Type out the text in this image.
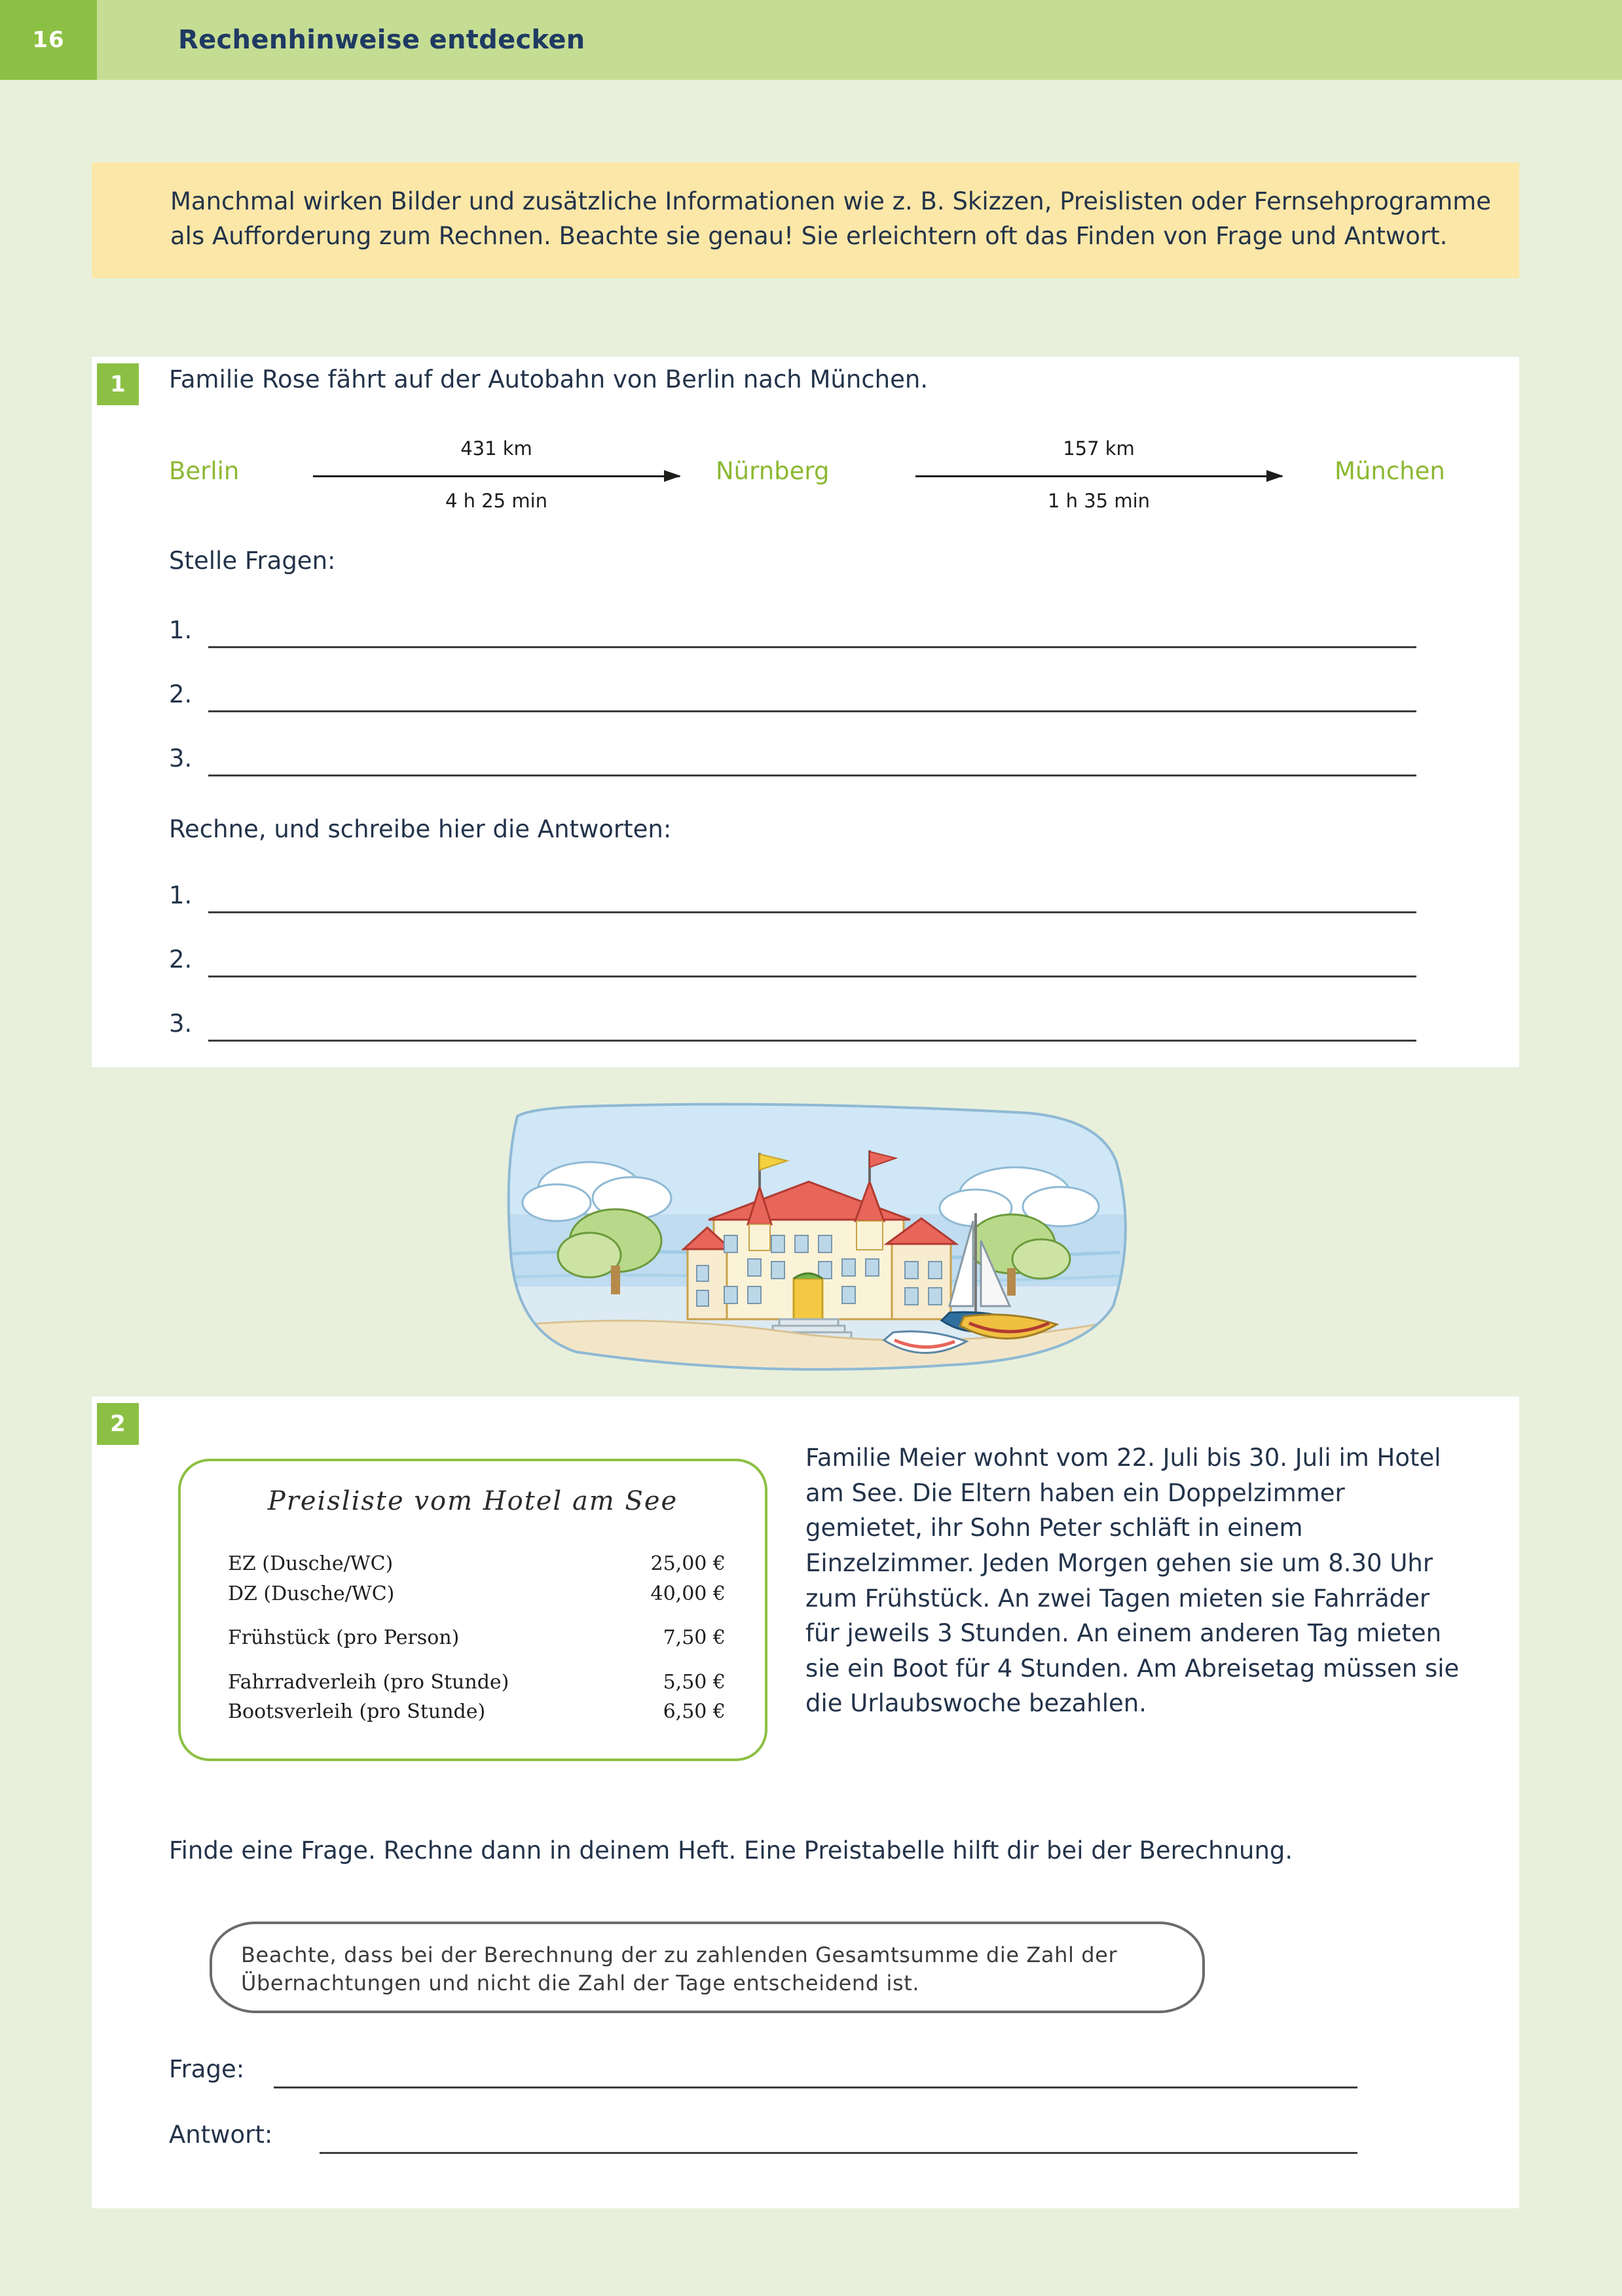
16	Rechenhinweise entdecken
Manchmal wirken Bilder und zusätzliche Informationen wie z. B. Skizzen, Preislisten oder Fernsehprogramme als Aufforderung zum Rechnen. Beachte sie genau! Sie erleichtern oft das Finden von Frage und Antwort.
1	Familie Rose fährt auf der Autobahn von Berlin nach München.
Berlin	Nürnberg	München
431 km
4 h 25 min
157 km
1 h 35 min
Stelle Fragen:
1.
2.
3.
Rechne, und schreibe hier die Antworten:
1.
2.
3.
2
Preisliste vom Hotel am See
EZ (Dusche/WC)	25,00 €
DZ (Dusche/WC)	40,00 €
Frühstück (pro Person)	7,50 €
Fahrradverleih (pro Stunde)	5,50 €
Bootsverleih (pro Stunde)	6,50 €
Familie Meier wohnt vom 22. Juli bis 30. Juli im Hotel am See. Die Eltern haben ein Doppelzimmer gemietet, ihr Sohn Peter schläft in einem Einzelzimmer. Jeden Morgen gehen sie um 8.30 Uhr zum Frühstück. An zwei Tagen mieten sie Fahrräder für jeweils 3 Stunden. An einem anderen Tag mieten sie ein Boot für 4 Stunden. Am Abreisetag müssen sie die Urlaubswoche bezahlen.
Finde eine Frage. Rechne dann in deinem Heft. Eine Preistabelle hilft dir bei der Berechnung.
Beachte, dass bei der Berechnung der zu zahlenden Gesamtsumme die Zahl der Übernachtungen und nicht die Zahl der Tage entscheidend ist.
Frage:
Antwort:
